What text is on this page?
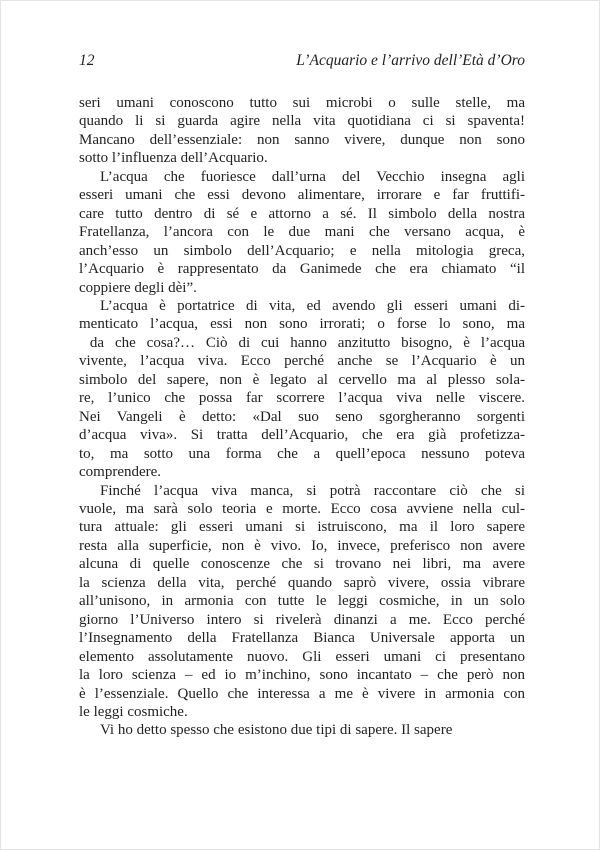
12	L’Acquario e l’arrivo dell’Età d’Oro
seri umani conoscono tutto sui microbi o sulle stelle, ma
quando li si guarda agire nella vita quotidiana ci si spaventa!
Mancano dell’essenziale: non sanno vivere, dunque non sono
sotto l’influenza dell’Acquario.
L’acqua che fuoriesce dall’urna del Vecchio insegna agli
esseri umani che essi devono alimentare, irrorare e far fruttifi-
care tutto dentro di sé e attorno a sé. Il simbolo della nostra
Fratellanza, l’ancora con le due mani che versano acqua, è
anch’esso un simbolo dell’Acquario; e nella mitologia greca,
l’Acquario è rappresentato da Ganimede che era chiamato “il
coppiere degli dèi”.
L’acqua è portatrice di vita, ed avendo gli esseri umani di-
menticato l’acqua, essi non sono irrorati; o forse lo sono, ma
da che cosa?… Ciò di cui hanno anzitutto bisogno, è l’acqua
vivente, l’acqua viva. Ecco perché anche se l’Acquario è un
simbolo del sapere, non è legato al cervello ma al plesso sola-
re, l’unico che possa far scorrere l’acqua viva nelle viscere.
Nei Vangeli è detto: «Dal suo seno sgorgheranno sorgenti
d’acqua viva». Si tratta dell’Acquario, che era già profetizza-
to, ma sotto una forma che a quell’epoca nessuno poteva
comprendere.
Finché l’acqua viva manca, si potrà raccontare ciò che si
vuole, ma sarà solo teoria e morte. Ecco cosa avviene nella cul-
tura attuale: gli esseri umani si istruiscono, ma il loro sapere
resta alla superficie, non è vivo. Io, invece, preferisco non avere
alcuna di quelle conoscenze che si trovano nei libri, ma avere
la scienza della vita, perché quando saprò vivere, ossia vibrare
all’unisono, in armonia con tutte le leggi cosmiche, in un solo
giorno l’Universo intero si rivelerà dinanzi a me. Ecco perché
l’Insegnamento della Fratellanza Bianca Universale apporta un
elemento assolutamente nuovo. Gli esseri umani ci presentano
la loro scienza – ed io m’inchino, sono incantato – che però non
è l’essenziale. Quello che interessa a me è vivere in armonia con
le leggi cosmiche.
Vi ho detto spesso che esistono due tipi di sapere. Il sapere
